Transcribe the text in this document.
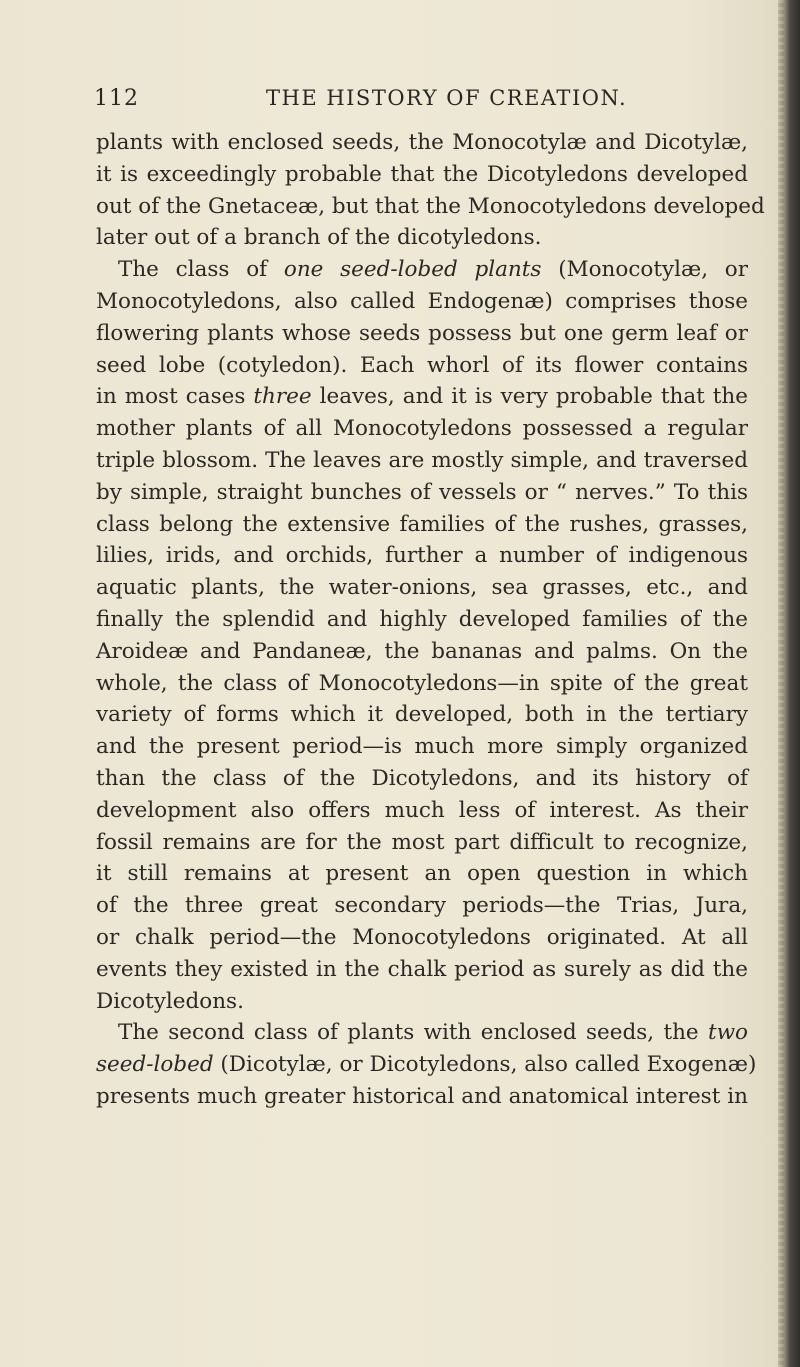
112	THE HISTORY OF CREATION.

plants with enclosed seeds, the Monocotylæ and Dicotylæ,
it is exceedingly probable that the Dicotyledons developed
out of the Gnetaceæ, but that the Monocotyledons developed
later out of a branch of the dicotyledons.

The class of one seed-lobed plants (Monocotylæ, or
Monocotyledons, also called Endogenæ) comprises those
flowering plants whose seeds possess but one germ leaf or
seed lobe (cotyledon). Each whorl of its flower contains
in most cases three leaves, and it is very probable that the
mother plants of all Monocotyledons possessed a regular
triple blossom. The leaves are mostly simple, and traversed
by simple, straight bunches of vessels or “ nerves.” To this
class belong the extensive families of the rushes, grasses,
lilies, irids, and orchids, further a number of indigenous
aquatic plants, the water-onions, sea grasses, etc., and
finally the splendid and highly developed families of the
Aroideæ and Pandaneæ, the bananas and palms. On the
whole, the class of Monocotyledons—in spite of the great
variety of forms which it developed, both in the tertiary
and the present period—is much more simply organized
than the class of the Dicotyledons, and its history of
development also offers much less of interest. As their
fossil remains are for the most part difficult to recognize,
it still remains at present an open question in which
of the three great secondary periods—the Trias, Jura,
or chalk period—the Monocotyledons originated. At all
events they existed in the chalk period as surely as did the
Dicotyledons.

The second class of plants with enclosed seeds, the two
seed-lobed (Dicotylæ, or Dicotyledons, also called Exogenæ)
presents much greater historical and anatomical interest in
